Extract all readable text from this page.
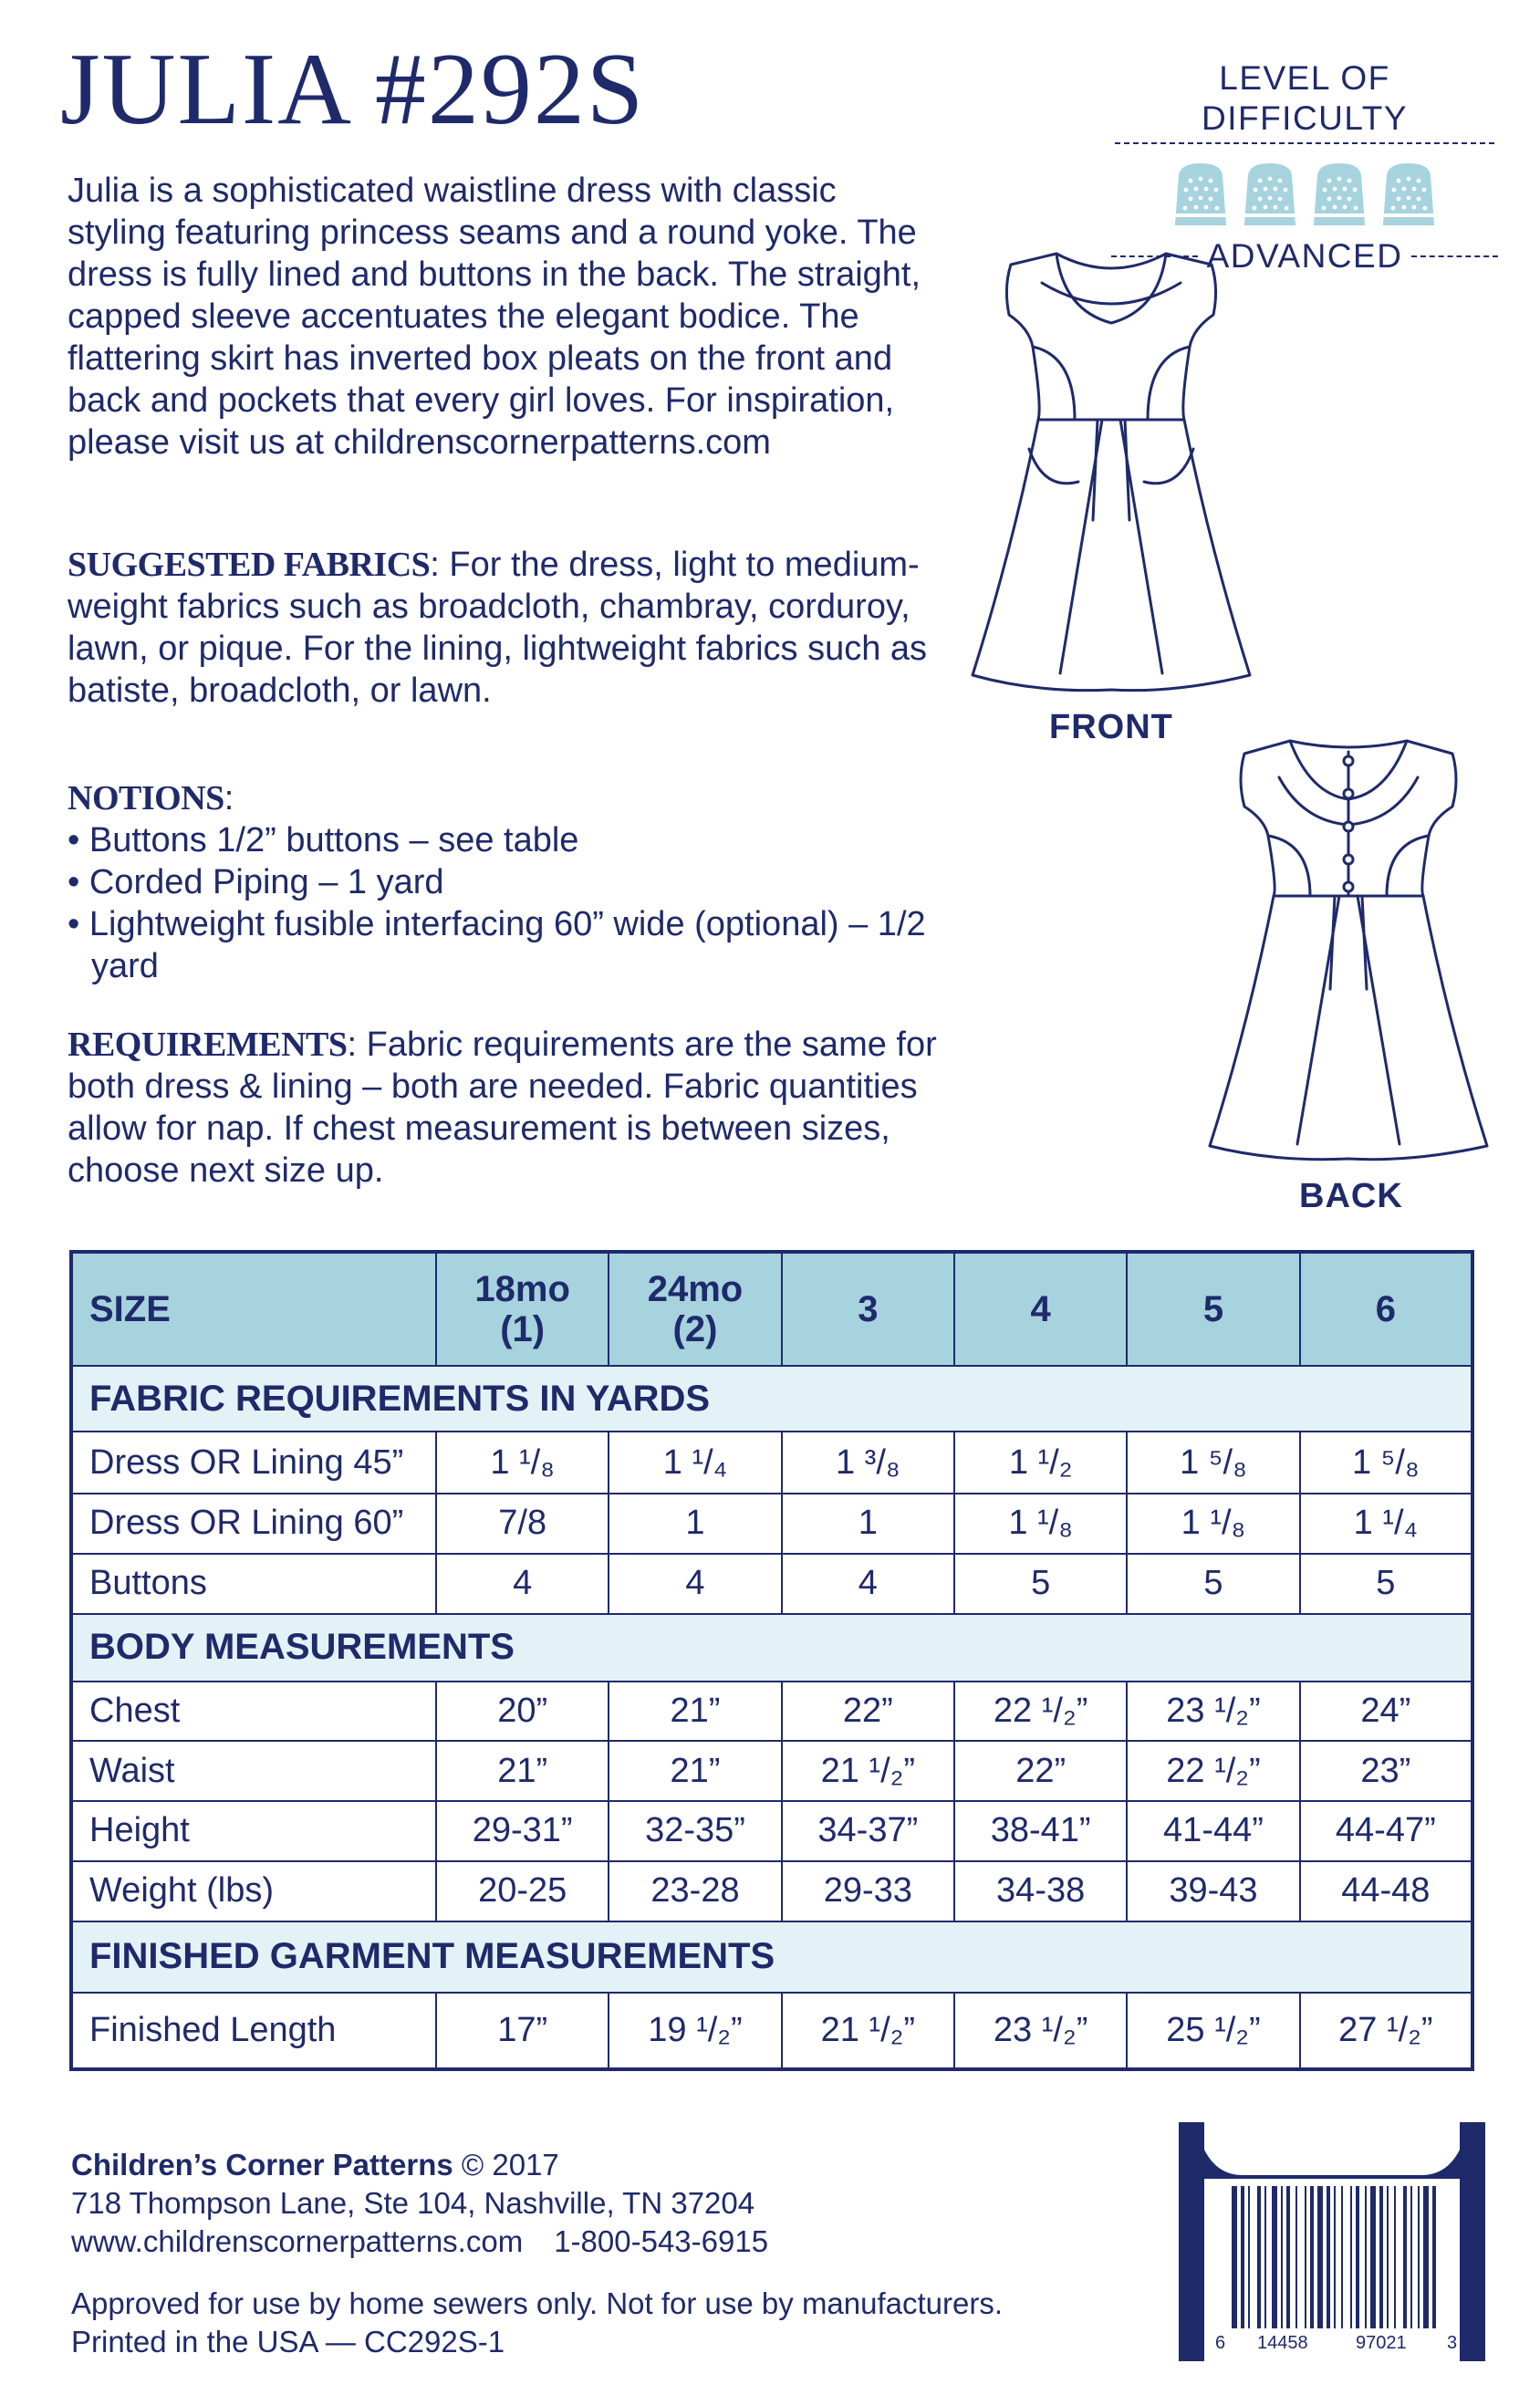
JULIA #292S

Julia is a sophisticated waistline dress with classic styling featuring princess seams and a round yoke. The dress is fully lined and buttons in the back. The straight, capped sleeve accentuates the elegant bodice. The flattering skirt has inverted box pleats on the front and back and pockets that every girl loves. For inspiration, please visit us at childrenscornerpatterns.com

LEVEL OF DIFFICULTY
ADVANCED
FRONT
BACK

SUGGESTED FABRICS: For the dress, light to medium-weight fabrics such as broadcloth, chambray, corduroy, lawn, or pique. For the lining, lightweight fabrics such as batiste, broadcloth, or lawn.

NOTIONS:
• Buttons 1/2” buttons – see table
• Corded Piping – 1 yard
• Lightweight fusible interfacing 60” wide (optional) – 1/2 yard

REQUIREMENTS: Fabric requirements are the same for both dress & lining – both are needed. Fabric quantities allow for nap. If chest measurement is between sizes, choose next size up.

SIZE	18mo (1)	24mo (2)	3	4	5	6
FABRIC REQUIREMENTS IN YARDS						
Dress OR Lining 45”	1 ¹/₈	1 ¹/₄	1 ³/₈	1 ¹/₂	1 ⁵/₈	1 ⁵/₈
Dress OR Lining 60”	7/8	1	1	1 ¹/₈	1 ¹/₈	1 ¹/₄
Buttons	4	4	4	5	5	5
BODY MEASUREMENTS						
Chest	20”	21”	22”	22 ¹/₂”	23 ¹/₂”	24”
Waist	21”	21”	21 ¹/₂”	22”	22 ¹/₂”	23”
Height	29-31”	32-35”	34-37”	38-41”	41-44”	44-47”
Weight (lbs)	20-25	23-28	29-33	34-38	39-43	44-48
FINISHED GARMENT MEASUREMENTS						
Finished Length	17”	19 ¹/₂”	21 ¹/₂”	23 ¹/₂”	25 ¹/₂”	27 ¹/₂”

Children’s Corner Patterns © 2017

718 Thompson Lane, Ste 104, Nashville, TN 37204

www.childrenscornerpatterns.com 1-800-543-6915

Approved for use by home sewers only. Not for use by manufacturers.

Printed in the USA — CC292S-1	6 14458	97021 3
